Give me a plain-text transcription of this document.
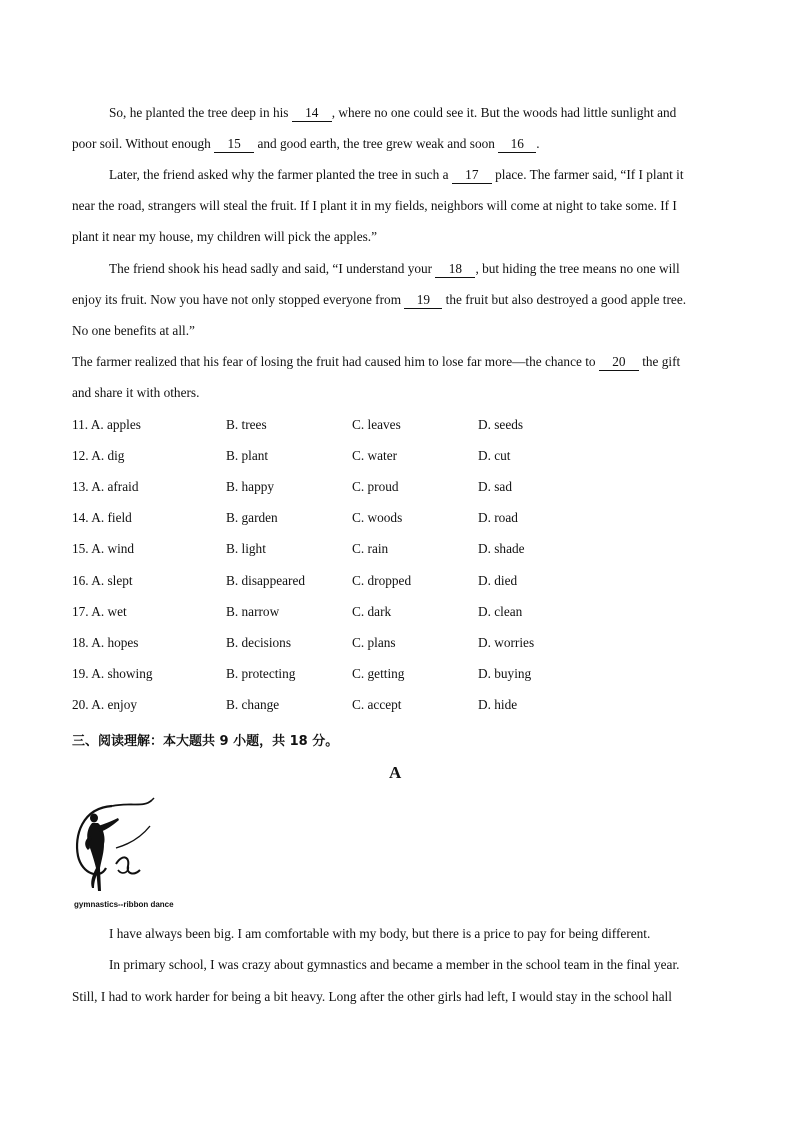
So, he planted the tree deep in his 14 , where no one could see it. But the woods had little sunlight and
poor soil. Without enough 15 and good earth, the tree grew weak and soon 16 .
Later, the friend asked why the farmer planted the tree in such a 17 place. The farmer said, “If I plant it
near the road, strangers will steal the fruit. If I plant it in my fields, neighbors will come at night to take some. If I
plant it near my house, my children will pick the apples.”
The friend shook his head sadly and said, “I understand your 18 , but hiding the tree means no one will
enjoy its fruit. Now you have not only stopped everyone from 19 the fruit but also destroyed a good apple tree.
No one benefits at all.”
The farmer realized that his fear of losing the fruit had caused him to lose far more—the chance to 20 the gift
and share it with others.
11. A. apples	B. trees	C. leaves	D. seeds
12. A. dig	B. plant	C. water	D. cut
13. A. afraid	B. happy	C. proud	D. sad
14. A. field	B. garden	C. woods	D. road
15. A. wind	B. light	C. rain	D. shade
16. A. slept	B. disappeared	C. dropped	D. died
17. A. wet	B. narrow	C. dark	D. clean
18. A. hopes	B. decisions	C. plans	D. worries
19. A. showing	B. protecting	C. getting	D. buying
20. A. enjoy	B. change	C. accept	D. hide
三、阅读理解：本大题共 9 小题，共 18 分。
A
gymnastics--ribbon dance
I have always been big. I am comfortable with my body, but there is a price to pay for being different.
In primary school, I was crazy about gymnastics and became a member in the school team in the final year.
Still, I had to work harder for being a bit heavy. Long after the other girls had left, I would stay in the school hall
